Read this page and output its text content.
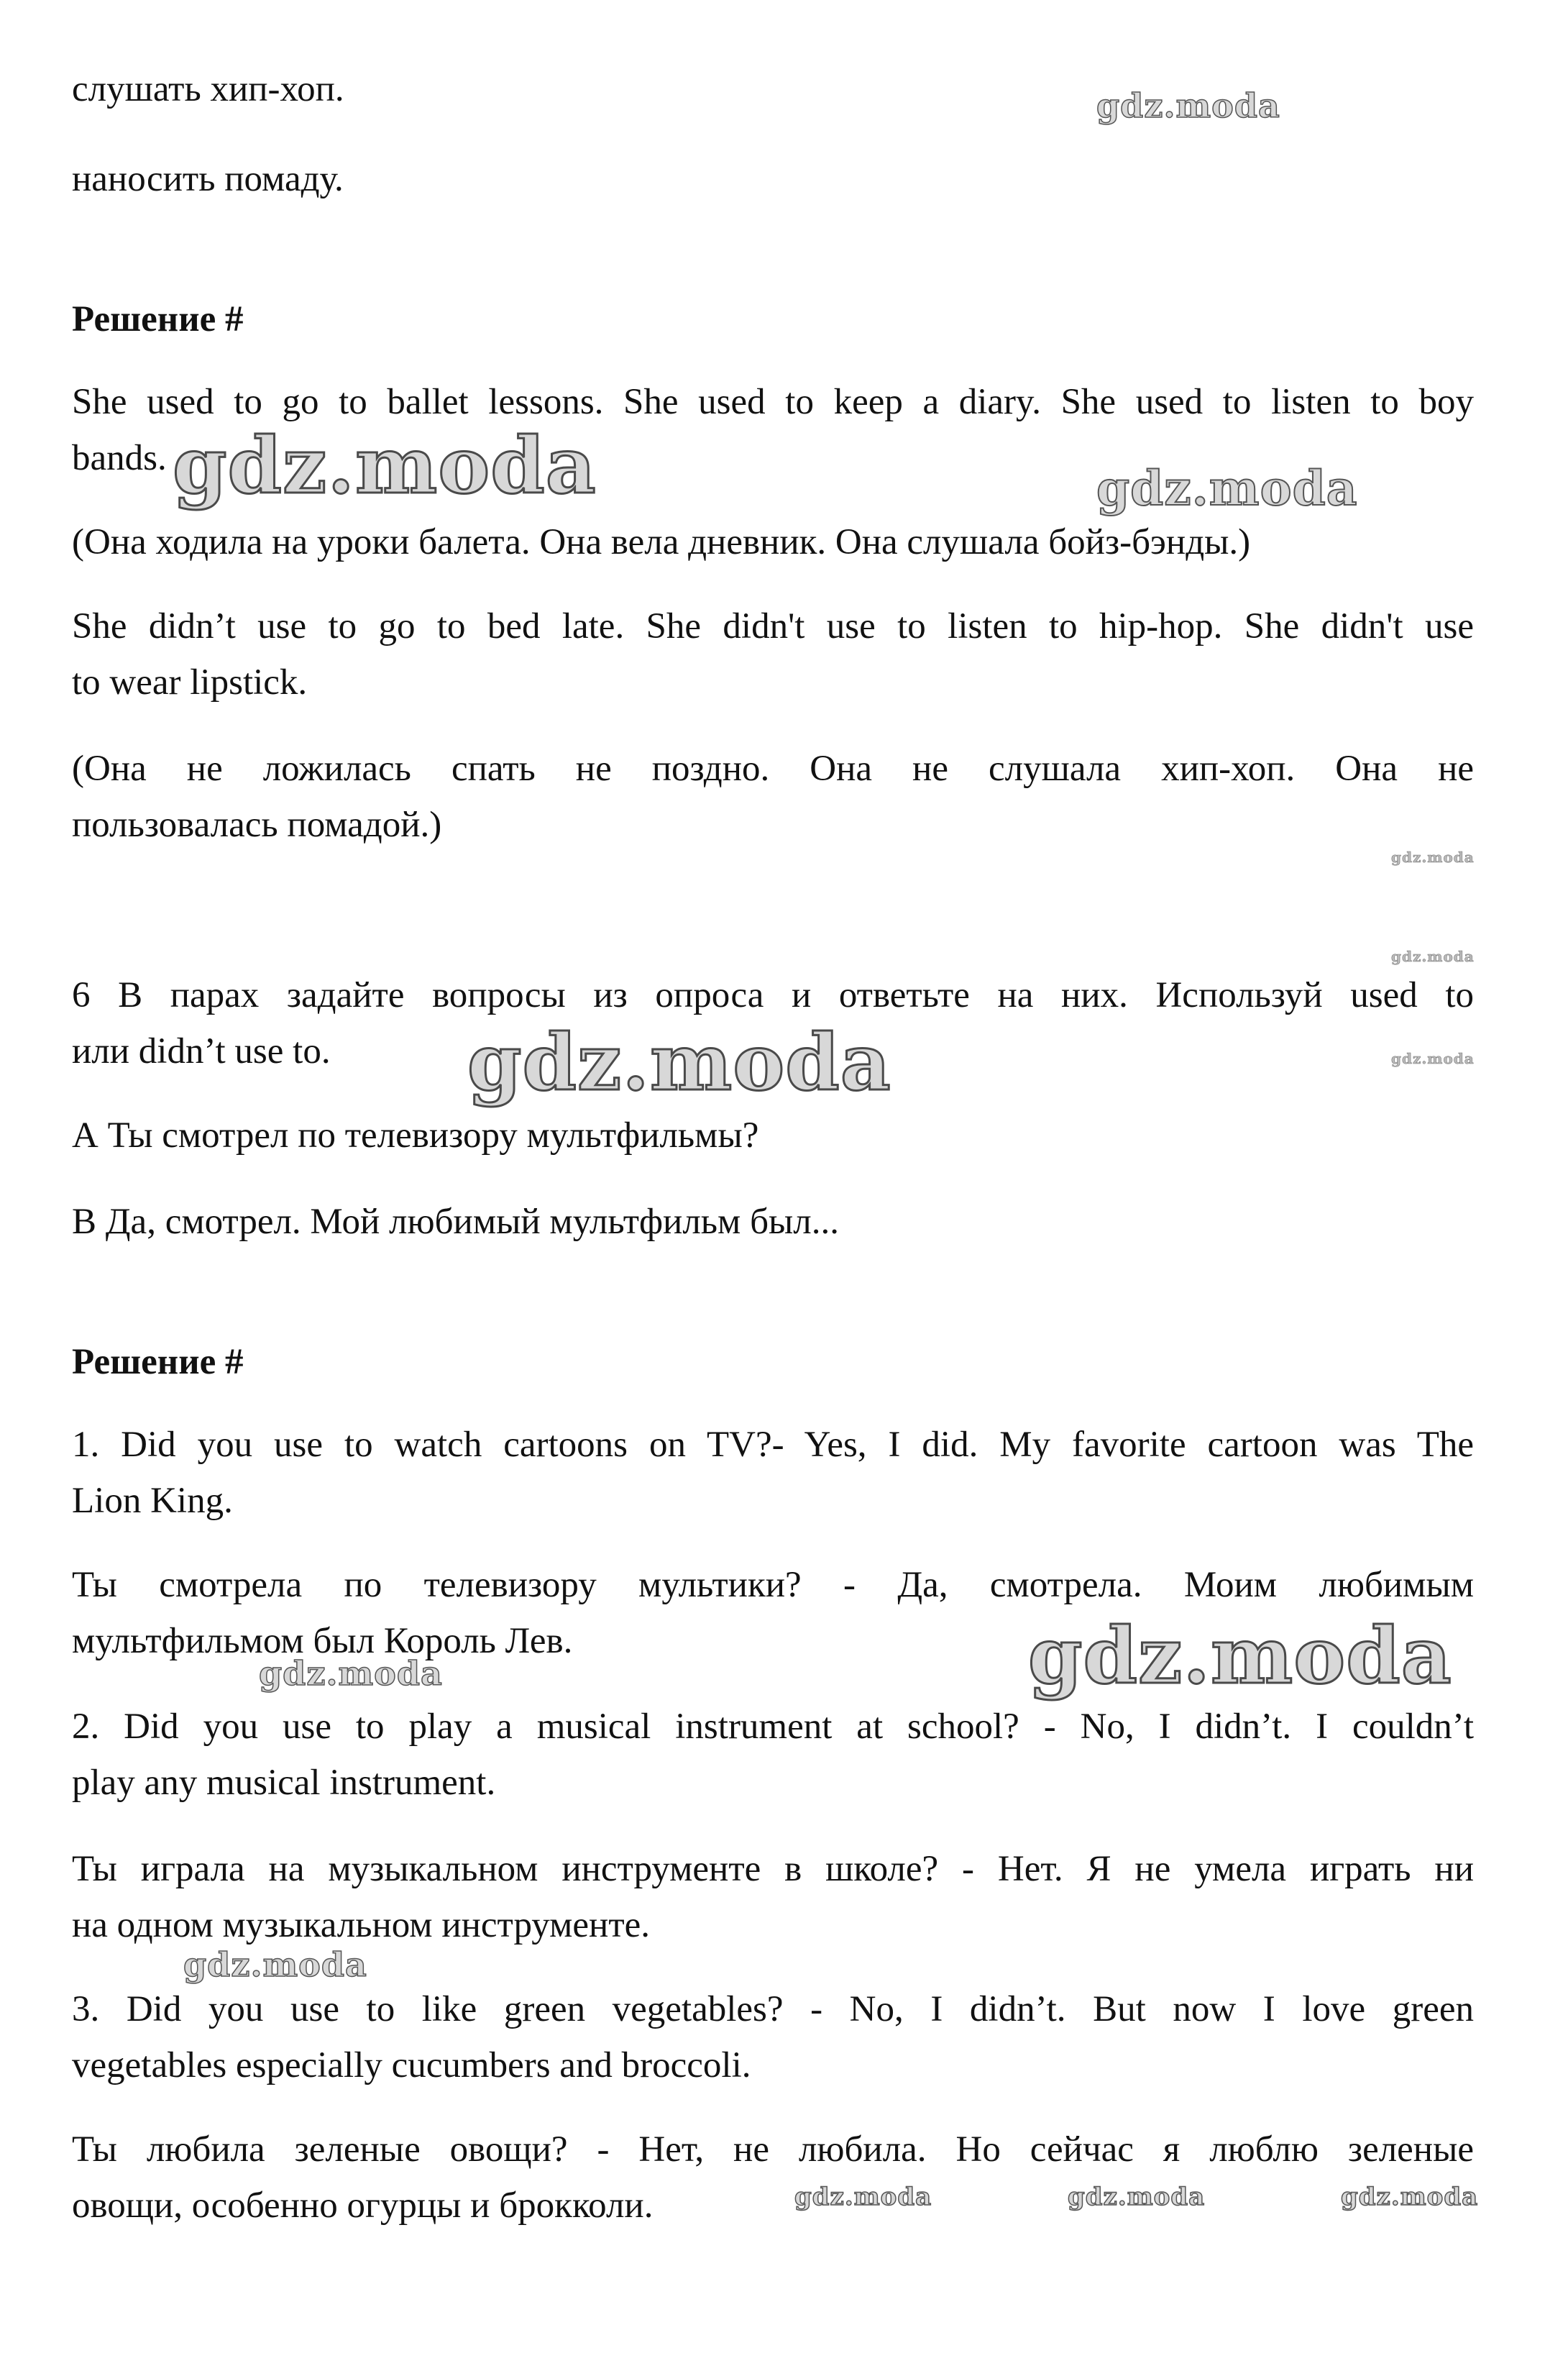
слушать хип-хоп.
наносить помаду.
Решение #
She used to go to ballet lessons. She used to keep a diary. She used to listen to boy
bands.
(Она ходила на уроки балета. Она вела дневник. Она слушала бойз-бэнды.)
She didn’t use to go to bed late. She didn't use to listen to hip-hop. She didn't use
to wear lipstick.
(Она не ложилась спать не поздно. Она не слушала хип-хоп. Она не
пользовалась помадой.)
6 В парах задайте вопросы из опроса и ответьте на них. Используй used to
или didn’t use to.
А Ты смотрел по телевизору мультфильмы?
В Да, смотрел. Мой любимый мультфильм был...
Решение #
1. Did you use to watch cartoons on TV?- Yes, I did. My favorite cartoon was The
Lion King.
Ты смотрела по телевизору мультики? - Да, смотрела. Моим любимым
мультфильмом был Король Лев.
2. Did you use to play a musical instrument at school? - No, I didn’t. I couldn’t
play any musical instrument.
Ты играла на музыкальном инструменте в школе? - Нет. Я не умела играть ни
на одном музыкальном инструменте.
3. Did you use to like green vegetables? - No, I didn’t. But now I love green
vegetables especially cucumbers and broccoli.
Ты любила зеленые овощи? - Нет, не любила. Но сейчас я люблю зеленые
овощи, особенно огурцы и брокколи.
gdz.moda
gdz.moda	gdz.moda
gdz.moda
gdz.moda
gdz.moda	gdz.moda
gdz.moda
gdz.moda
gdz.moda
gdz.moda	gdz.moda	gdz.moda
